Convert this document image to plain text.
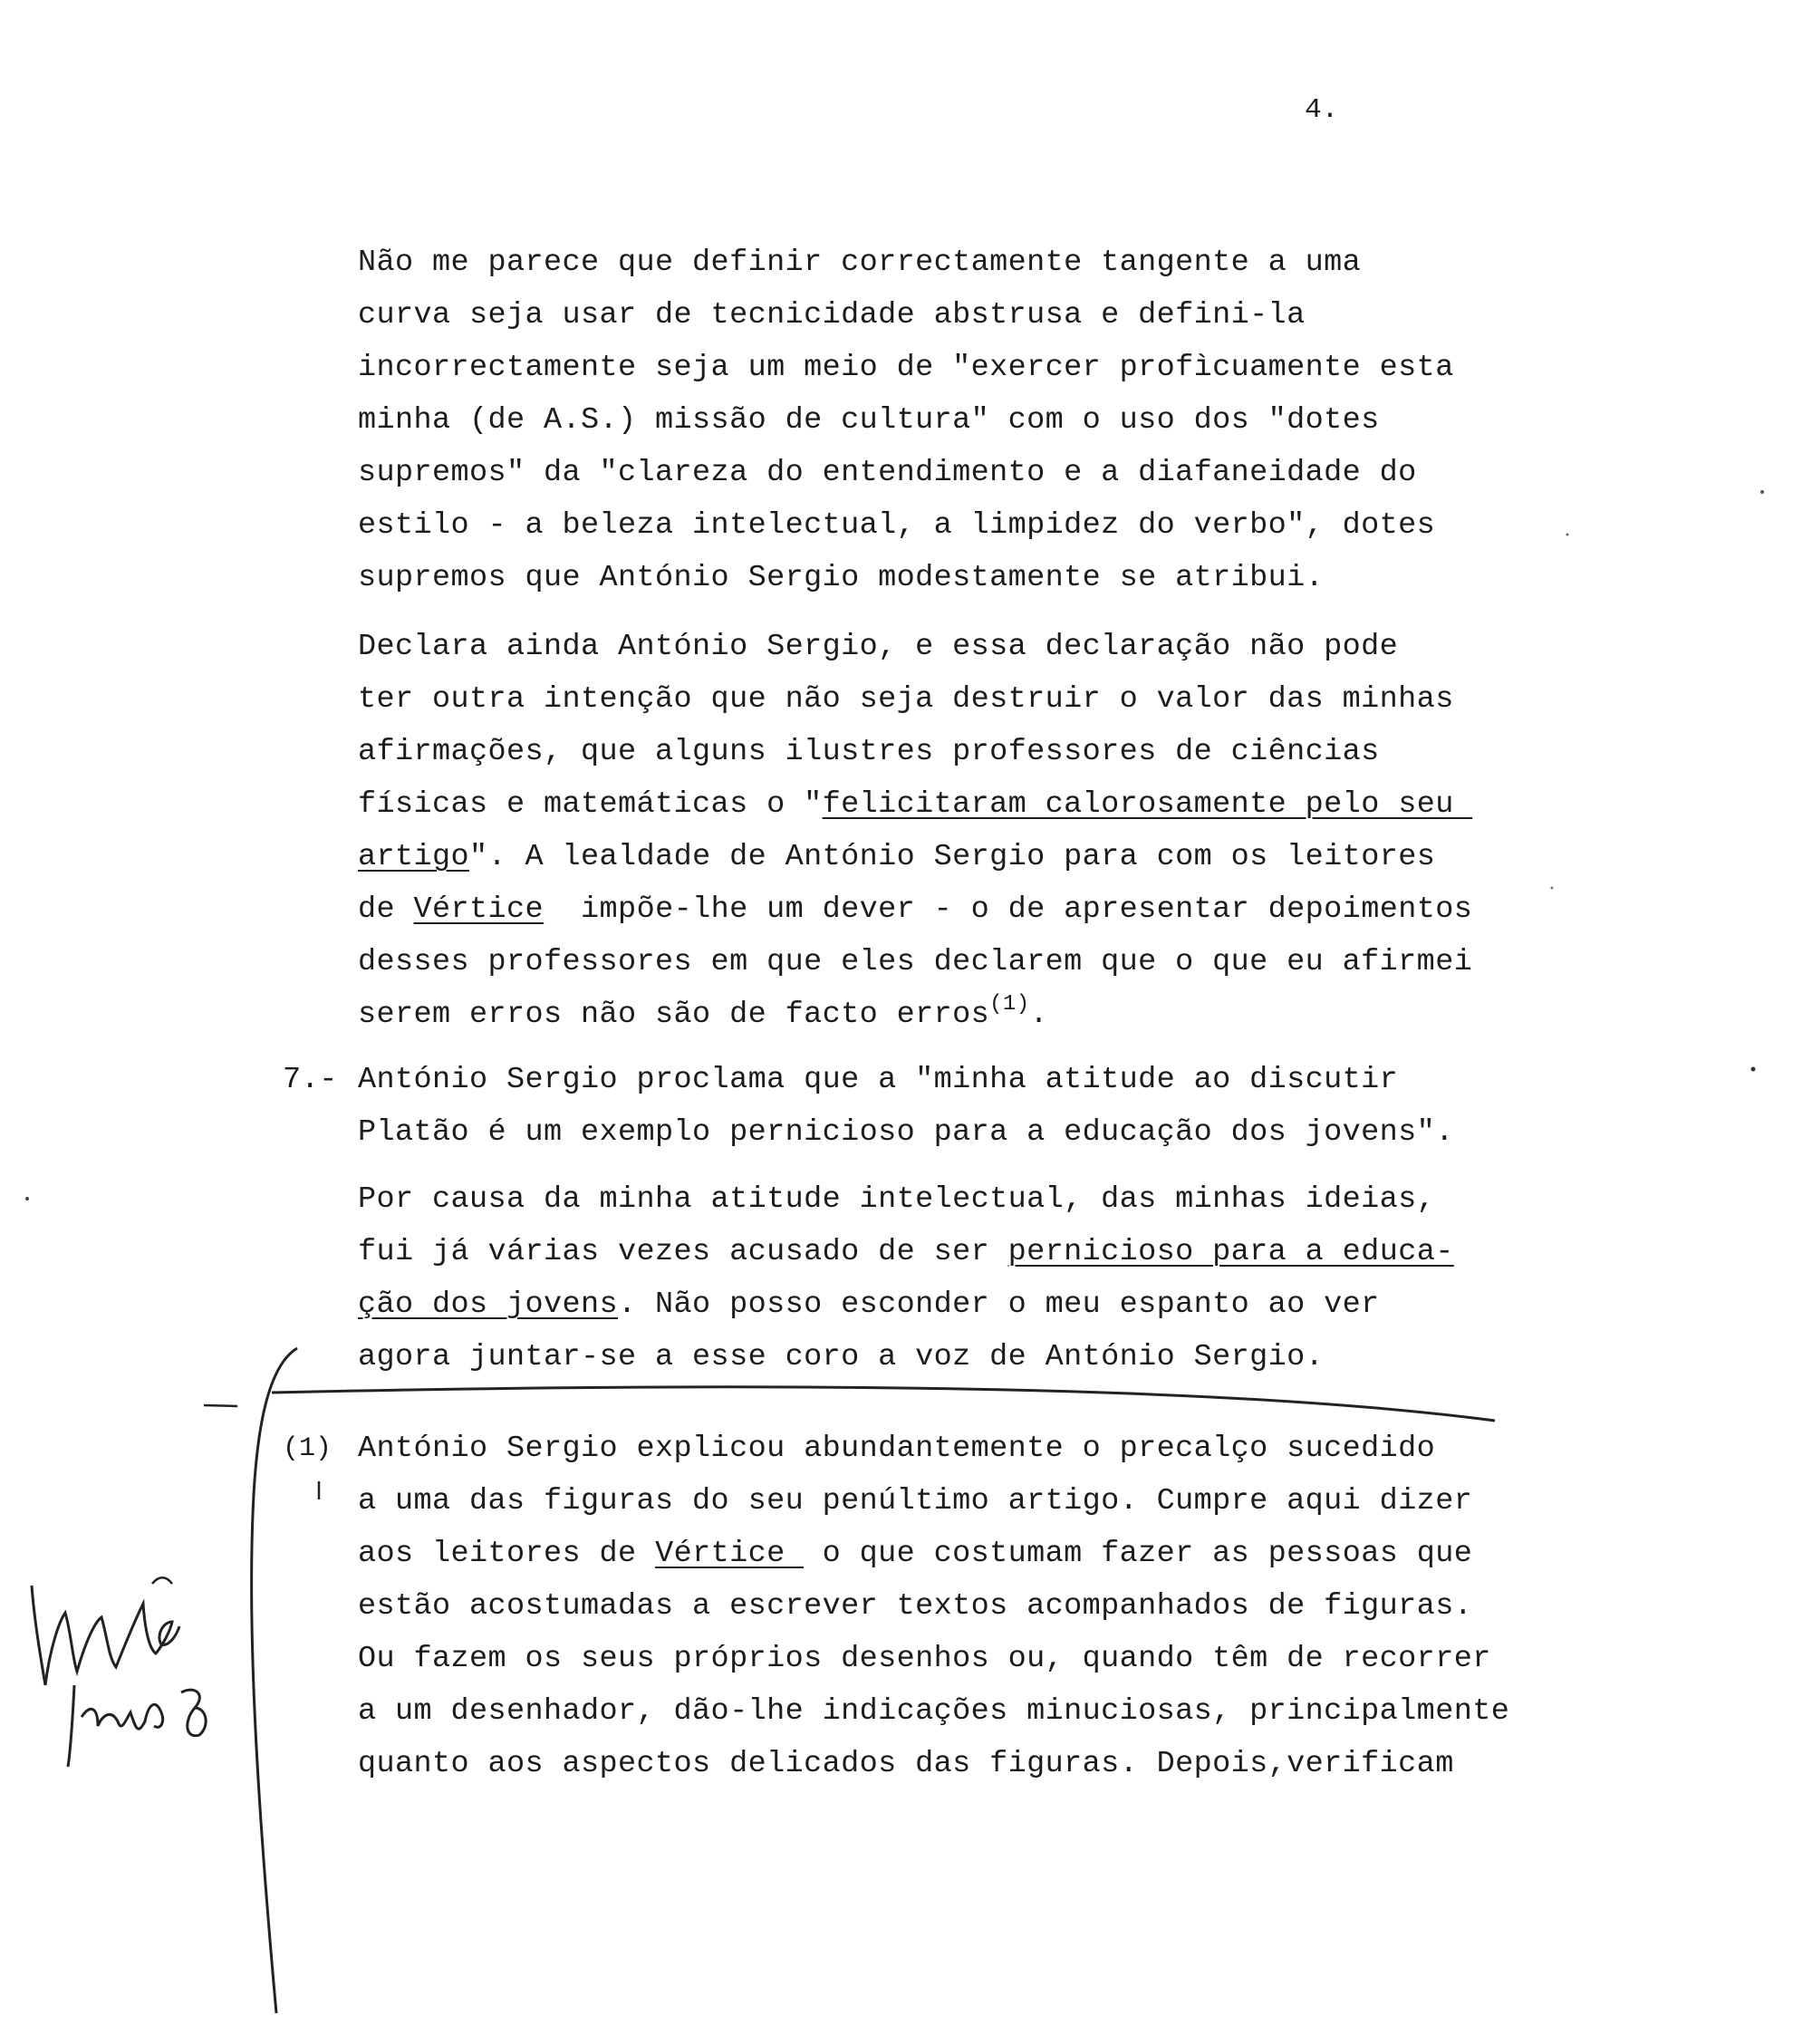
4.
Não me parece que definir correctamente tangente a uma
curva seja usar de tecnicidade abstrusa e defini-la
incorrectamente seja um meio de "exercer profìcuamente esta
minha (de A.S.) missão de cultura" com o uso dos "dotes
supremos" da "clareza do entendimento e a diafaneidade do
estilo - a beleza intelectual, a limpidez do verbo", dotes
supremos que António Sergio modestamente se atribui.
Declara ainda António Sergio, e essa declaração não pode
ter outra intenção que não seja destruir o valor das minhas
afirmações, que alguns ilustres professores de ciências
físicas e matemáticas o "felicitaram calorosamente pelo seu
artigo". A lealdade de António Sergio para com os leitores
de Vértice  impõe-lhe um dever - o de apresentar depoimentos
desses professores em que eles declarem que o que eu afirmei
serem erros não são de facto erros$^{(1)}$.
7.- António Sergio proclama que a "minha atitude ao discutir
Platão é um exemplo pernicioso para a educação dos jovens".
Por causa da minha atitude intelectual, das minhas ideias,
fui já várias vezes acusado de ser pernicioso para a educa-
ção dos jovens. Não posso esconder o meu espanto ao ver
agora juntar-se a esse coro a voz de António Sergio.
(1) António Sergio explicou abundantemente o precalço sucedido
a uma das figuras do seu penúltimo artigo. Cumpre aqui dizer
aos leitores de Vértice  o que costumam fazer as pessoas que
estão acostumadas a escrever textos acompanhados de figuras.
Ou fazem os seus próprios desenhos ou, quando têm de recorrer
a um desenhador, dão-lhe indicações minuciosas, principalmente
quanto aos aspectos delicados das figuras. Depois,verificam
